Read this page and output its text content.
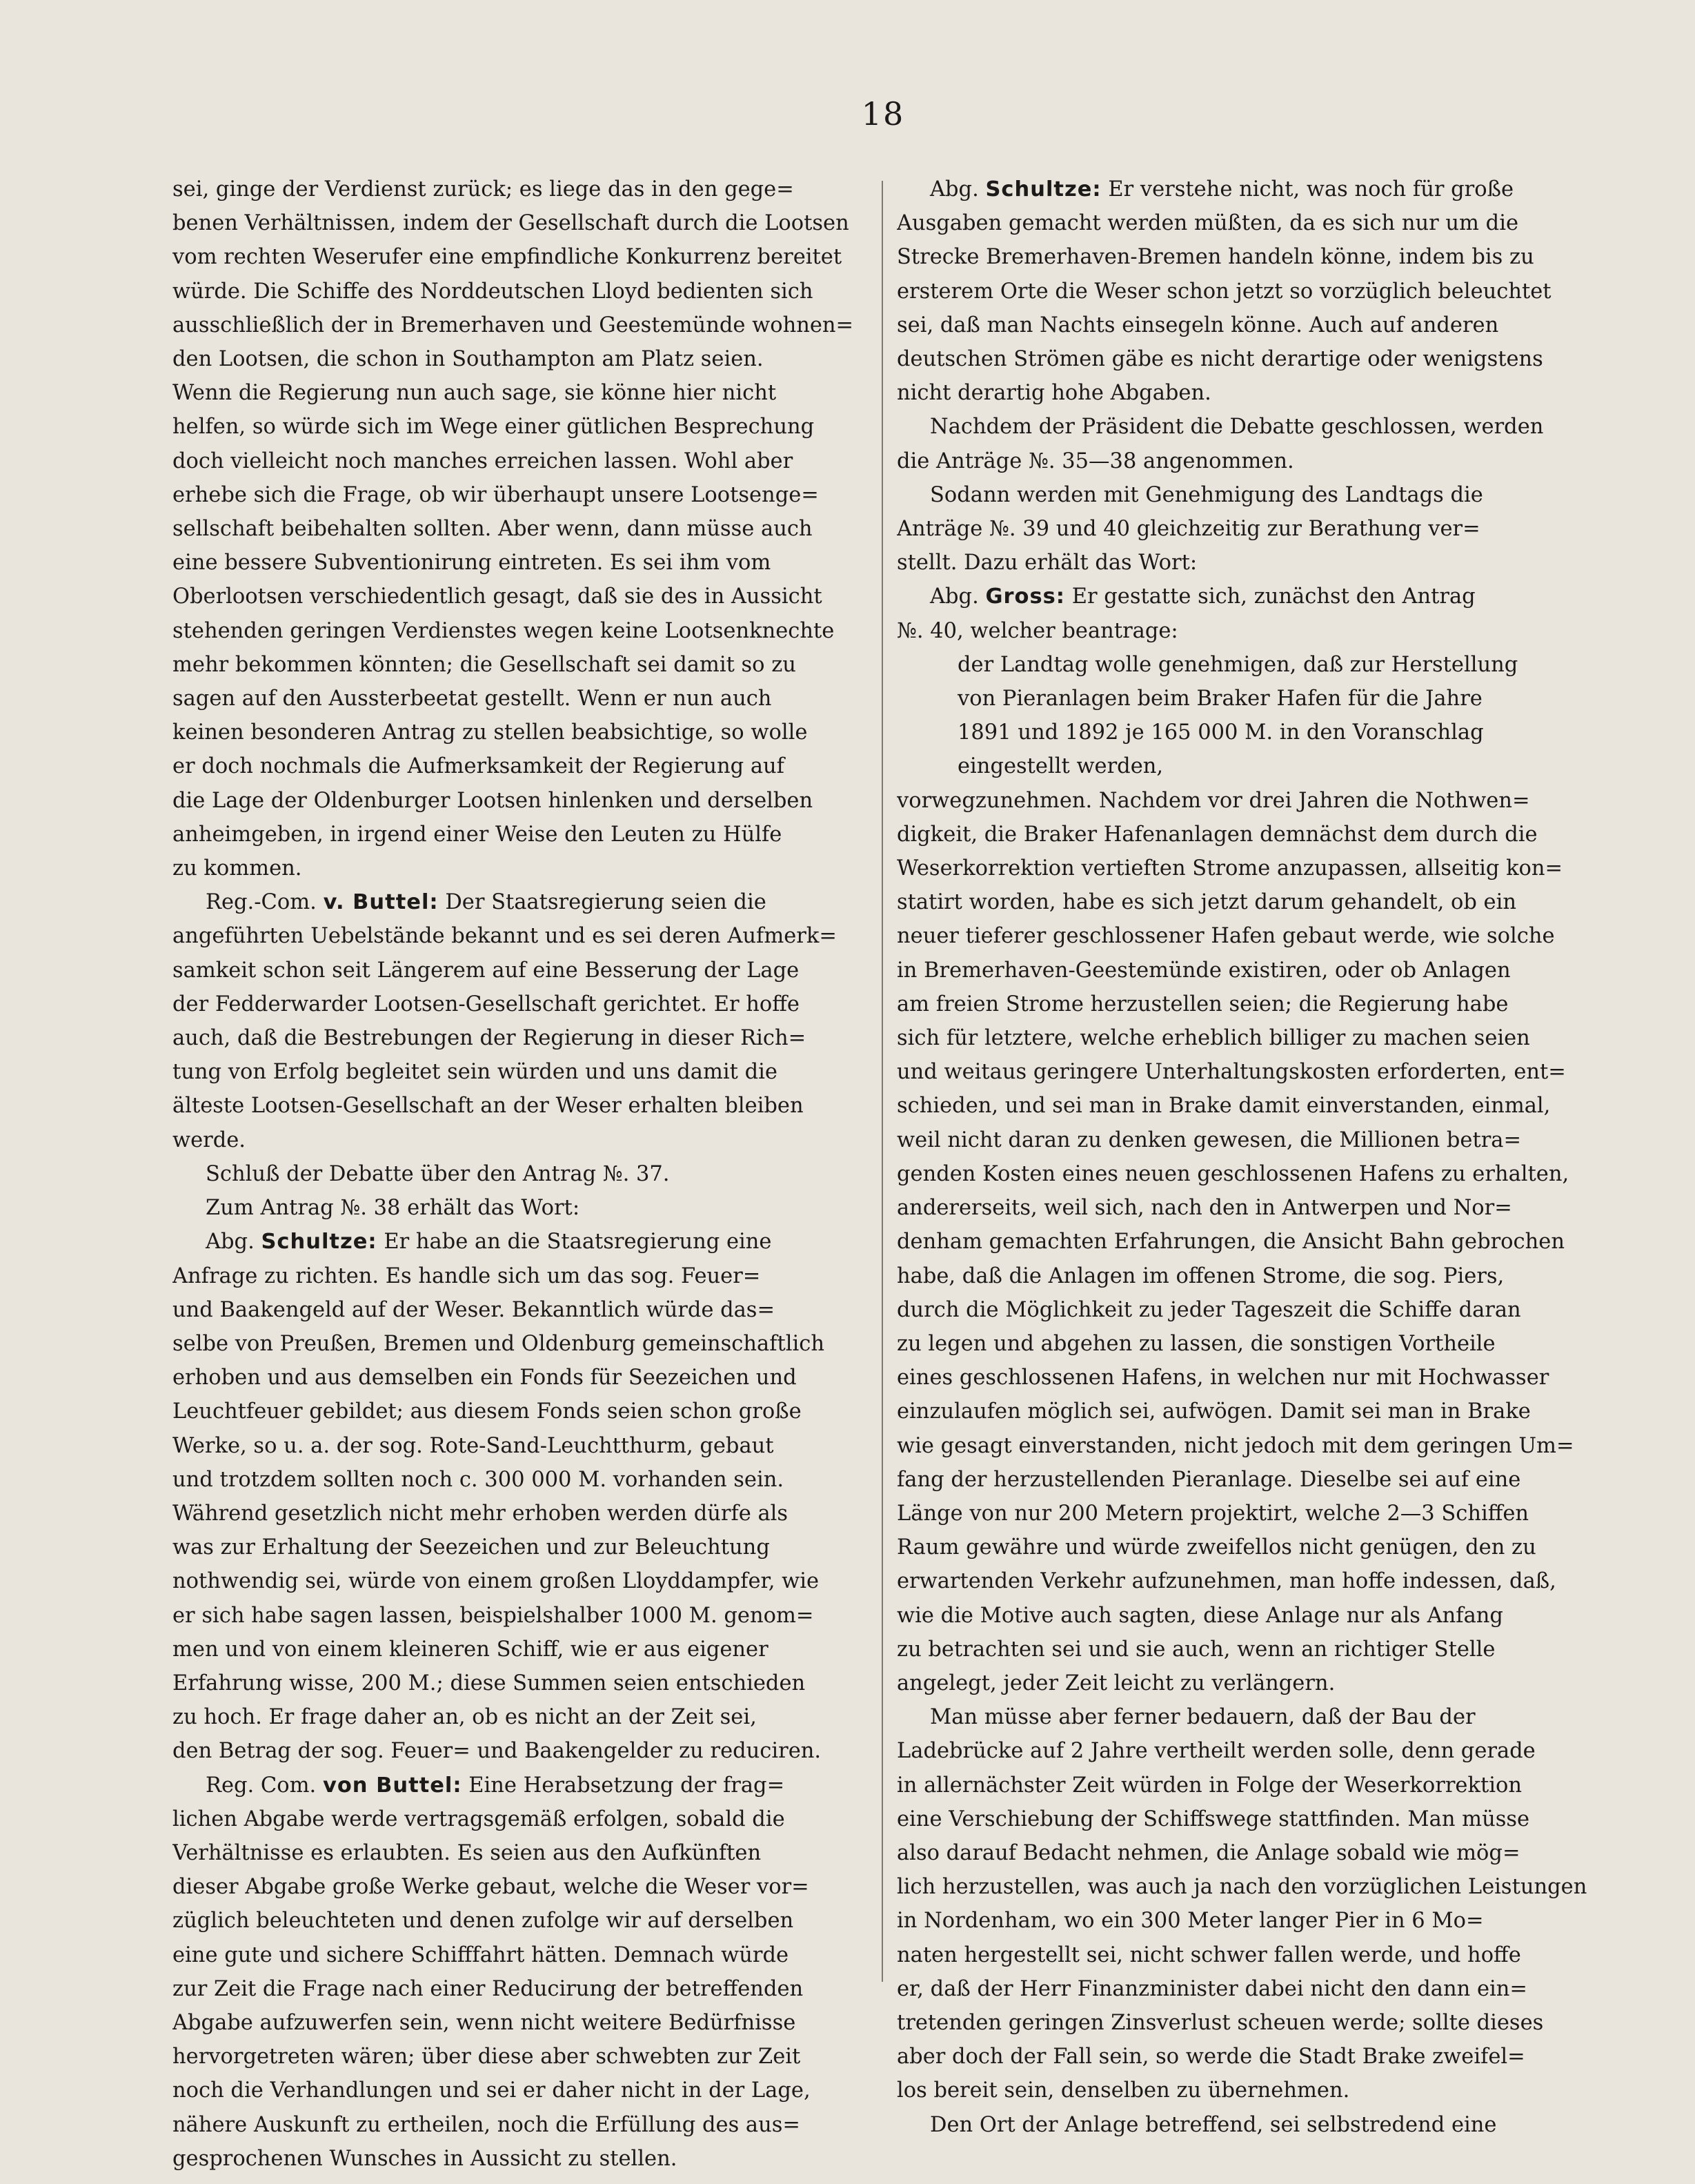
18
sei, ginge der Verdienst zurück; es liege das in den gege=
benen Verhältnissen, indem der Gesellschaft durch die Lootsen
vom rechten Weserufer eine empfindliche Konkurrenz bereitet
würde. Die Schiffe des Norddeutschen Lloyd bedienten sich
ausschließlich der in Bremerhaven und Geestemünde wohnen=
den Lootsen, die schon in Southampton am Platz seien.
Wenn die Regierung nun auch sage, sie könne hier nicht
helfen, so würde sich im Wege einer gütlichen Besprechung
doch vielleicht noch manches erreichen lassen. Wohl aber
erhebe sich die Frage, ob wir überhaupt unsere Lootsenge=
sellschaft beibehalten sollten. Aber wenn, dann müsse auch
eine bessere Subventionirung eintreten. Es sei ihm vom
Oberlootsen verschiedentlich gesagt, daß sie des in Aussicht
stehenden geringen Verdienstes wegen keine Lootsenknechte
mehr bekommen könnten; die Gesellschaft sei damit so zu
sagen auf den Aussterbeetat gestellt. Wenn er nun auch
keinen besonderen Antrag zu stellen beabsichtige, so wolle
er doch nochmals die Aufmerksamkeit der Regierung auf
die Lage der Oldenburger Lootsen hinlenken und derselben
anheimgeben, in irgend einer Weise den Leuten zu Hülfe
zu kommen.
Reg.-Com. v. Buttel: Der Staatsregierung seien die
angeführten Uebelstände bekannt und es sei deren Aufmerk=
samkeit schon seit Längerem auf eine Besserung der Lage
der Fedderwarder Lootsen-Gesellschaft gerichtet. Er hoffe
auch, daß die Bestrebungen der Regierung in dieser Rich=
tung von Erfolg begleitet sein würden und uns damit die
älteste Lootsen-Gesellschaft an der Weser erhalten bleiben
werde.
Schluß der Debatte über den Antrag №. 37.
Zum Antrag №. 38 erhält das Wort:
Abg. Schultze: Er habe an die Staatsregierung eine
Anfrage zu richten. Es handle sich um das sog. Feuer=
und Baakengeld auf der Weser. Bekanntlich würde das=
selbe von Preußen, Bremen und Oldenburg gemeinschaftlich
erhoben und aus demselben ein Fonds für Seezeichen und
Leuchtfeuer gebildet; aus diesem Fonds seien schon große
Werke, so u. a. der sog. Rote-Sand-Leuchtthurm, gebaut
und trotzdem sollten noch c. 300 000 M. vorhanden sein.
Während gesetzlich nicht mehr erhoben werden dürfe als
was zur Erhaltung der Seezeichen und zur Beleuchtung
nothwendig sei, würde von einem großen Lloyddampfer, wie
er sich habe sagen lassen, beispielshalber 1000 M. genom=
men und von einem kleineren Schiff, wie er aus eigener
Erfahrung wisse, 200 M.; diese Summen seien entschieden
zu hoch. Er frage daher an, ob es nicht an der Zeit sei,
den Betrag der sog. Feuer= und Baakengelder zu reduciren.
Reg. Com. von Buttel: Eine Herabsetzung der frag=
lichen Abgabe werde vertragsgemäß erfolgen, sobald die
Verhältnisse es erlaubten. Es seien aus den Aufkünften
dieser Abgabe große Werke gebaut, welche die Weser vor=
züglich beleuchteten und denen zufolge wir auf derselben
eine gute und sichere Schifffahrt hätten. Demnach würde
zur Zeit die Frage nach einer Reducirung der betreffenden
Abgabe aufzuwerfen sein, wenn nicht weitere Bedürfnisse
hervorgetreten wären; über diese aber schwebten zur Zeit
noch die Verhandlungen und sei er daher nicht in der Lage,
nähere Auskunft zu ertheilen, noch die Erfüllung des aus=
gesprochenen Wunsches in Aussicht zu stellen.
Abg. Schultze: Er verstehe nicht, was noch für große
Ausgaben gemacht werden müßten, da es sich nur um die
Strecke Bremerhaven-Bremen handeln könne, indem bis zu
ersterem Orte die Weser schon jetzt so vorzüglich beleuchtet
sei, daß man Nachts einsegeln könne. Auch auf anderen
deutschen Strömen gäbe es nicht derartige oder wenigstens
nicht derartig hohe Abgaben.
Nachdem der Präsident die Debatte geschlossen, werden
die Anträge №. 35—38 angenommen.
Sodann werden mit Genehmigung des Landtags die
Anträge №. 39 und 40 gleichzeitig zur Berathung ver=
stellt. Dazu erhält das Wort:
Abg. Gross: Er gestatte sich, zunächst den Antrag
№. 40, welcher beantrage:
der Landtag wolle genehmigen, daß zur Herstellung
von Pieranlagen beim Braker Hafen für die Jahre
1891 und 1892 je 165 000 M. in den Voranschlag
eingestellt werden,
vorwegzunehmen. Nachdem vor drei Jahren die Nothwen=
digkeit, die Braker Hafenanlagen demnächst dem durch die
Weserkorrektion vertieften Strome anzupassen, allseitig kon=
statirt worden, habe es sich jetzt darum gehandelt, ob ein
neuer tieferer geschlossener Hafen gebaut werde, wie solche
in Bremerhaven-Geestemünde existiren, oder ob Anlagen
am freien Strome herzustellen seien; die Regierung habe
sich für letztere, welche erheblich billiger zu machen seien
und weitaus geringere Unterhaltungskosten erforderten, ent=
schieden, und sei man in Brake damit einverstanden, einmal,
weil nicht daran zu denken gewesen, die Millionen betra=
genden Kosten eines neuen geschlossenen Hafens zu erhalten,
andererseits, weil sich, nach den in Antwerpen und Nor=
denham gemachten Erfahrungen, die Ansicht Bahn gebrochen
habe, daß die Anlagen im offenen Strome, die sog. Piers,
durch die Möglichkeit zu jeder Tageszeit die Schiffe daran
zu legen und abgehen zu lassen, die sonstigen Vortheile
eines geschlossenen Hafens, in welchen nur mit Hochwasser
einzulaufen möglich sei, aufwögen. Damit sei man in Brake
wie gesagt einverstanden, nicht jedoch mit dem geringen Um=
fang der herzustellenden Pieranlage. Dieselbe sei auf eine
Länge von nur 200 Metern projektirt, welche 2—3 Schiffen
Raum gewähre und würde zweifellos nicht genügen, den zu
erwartenden Verkehr aufzunehmen, man hoffe indessen, daß,
wie die Motive auch sagten, diese Anlage nur als Anfang
zu betrachten sei und sie auch, wenn an richtiger Stelle
angelegt, jeder Zeit leicht zu verlängern.
Man müsse aber ferner bedauern, daß der Bau der
Ladebrücke auf 2 Jahre vertheilt werden solle, denn gerade
in allernächster Zeit würden in Folge der Weserkorrektion
eine Verschiebung der Schiffswege stattfinden. Man müsse
also darauf Bedacht nehmen, die Anlage sobald wie mög=
lich herzustellen, was auch ja nach den vorzüglichen Leistungen
in Nordenham, wo ein 300 Meter langer Pier in 6 Mo=
naten hergestellt sei, nicht schwer fallen werde, und hoffe
er, daß der Herr Finanzminister dabei nicht den dann ein=
tretenden geringen Zinsverlust scheuen werde; sollte dieses
aber doch der Fall sein, so werde die Stadt Brake zweifel=
los bereit sein, denselben zu übernehmen.
Den Ort der Anlage betreffend, sei selbstredend eine
